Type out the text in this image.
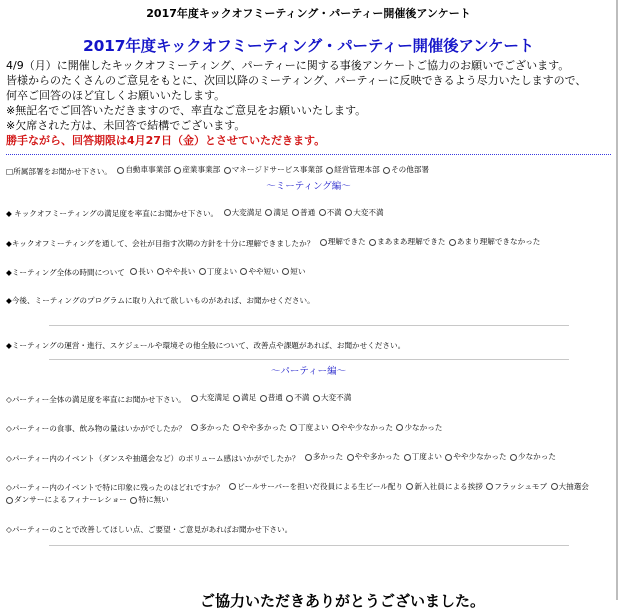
2017年度キックオフミーティング・パーティー開催後アンケート
2017年度キックオフミーティング・パーティー開催後アンケート
4/9（月）に開催したキックオフミーティング、パーティーに関する事後アンケートご協力のお願いでございます。
皆様からのたくさんのご意見をもとに、次回以降のミーティング、パーティーに反映できるよう尽力いたしますので、
何卒ご回答のほど宜しくお願いいたします。
※無記名でご回答いただきますので、率直なご意見をお願いいたします。
※欠席された方は、未回答で結構でございます。
勝手ながら、回答期限は4月27日（金）とさせていただきます。
□所属部署をお聞かせ下さい。 自動車事業部
産業事業部
マネージドサービス事業部
経営管理本部
その他部署
～ミーティング編～
◆ キックオフミーティングの満足度を率直にお聞かせ下さい。 大変満足
満足
普通
不満
大変不満
◆キックオフミーティングを通して、会社が目指す次期の方針を十分に理解できましたか？ 理解できた
まあまあ理解できた
あまり理解できなかった
◆ミーティング全体の時間について 長い
やや長い
丁度よい
やや短い
短い
◆今後、ミーティングのプログラムに取り入れて欲しいものがあれば、お聞かせください。
◆ミーティングの運営・進行、スケジュールや環境その他全般について、改善点や課題があれば、お聞かせください。
～パーティー編～
◇パーティー全体の満足度を率直にお聞かせ下さい。 大変満足
満足
普通
不満
大変不満
◇パーティーの食事、飲み物の量はいかがでしたか？ 多かった
やや多かった
丁度よい
やや少なかった
少なかった
◇パーティー内のイベント（ダンスや抽選会など）のボリューム感はいかがでしたか？ 多かった
やや多かった
丁度よい
やや少なかった
少なかった
◇パーティー内のイベントで特に印象に残ったのはどれですか？ ビールサーバーを担いだ役員による生ビール配り
新入社員による挨拶
フラッシュモブ
大抽選会

ダンサーによるフィナーレショー
特に無い
◇パーティーのことで改善してほしい点、ご要望・ご意見があればお聞かせ下さい。
ご協力いただきありがとうございました。
